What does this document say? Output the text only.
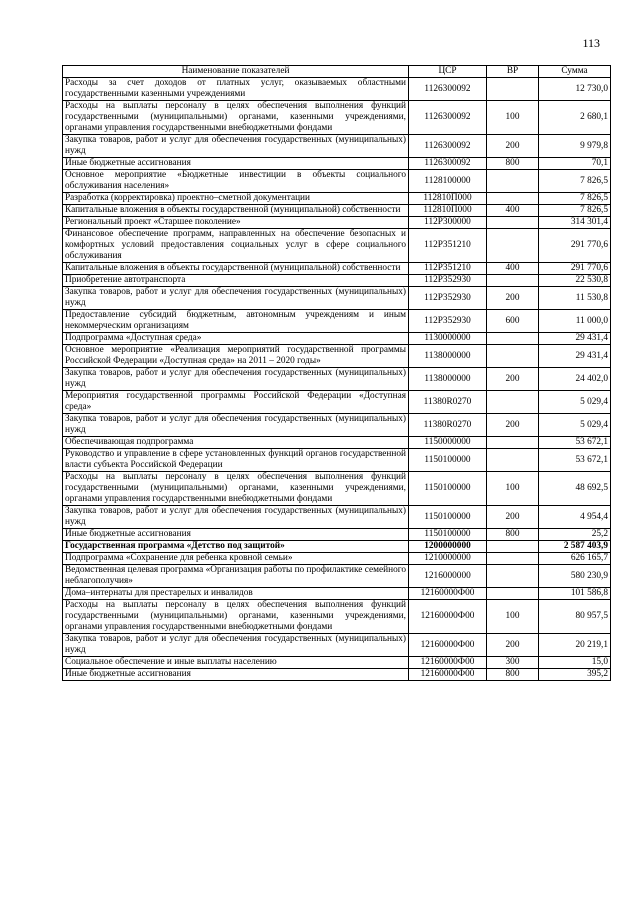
113
Наименование показателей	ЦСР	ВР	Сумма
Расходы за счет доходов от платных услуг, оказываемых областными государственными казенными учреждениями	1126300092		12 730,0
Расходы на выплаты персоналу в целях обеспечения выполнения функций государственными (муниципальными) органами, казенными учреждениями, органами управления государственными внебюджетными фондами	1126300092	100	2 680,1
Закупка товаров, работ и услуг для обеспечения государственных (муниципальных) нужд	1126300092	200	9 979,8
Иные бюджетные ассигнования	1126300092	800	70,1
Основное мероприятие «Бюджетные инвестиции в объекты социального обслуживания населения»	1128100000		7 826,5
Разработка (корректировка) проектно–сметной документации	112810П000		7 826,5
Капитальные вложения в объекты государственной (муниципальной) собственности	112810П000	400	7 826,5
Региональный проект «Старшее поколение»	112P300000		314 301,4
Финансовое обеспечение программ, направленных на обеспечение безопасных и комфортных условий предоставления социальных услуг в сфере социального обслуживания	112P351210		291 770,6
Капитальные вложения в объекты государственной (муниципальной) собственности	112P351210	400	291 770,6
Приобретение автотранспорта	112P352930		22 530,8
Закупка товаров, работ и услуг для обеспечения государственных (муниципальных) нужд	112P352930	200	11 530,8
Предоставление субсидий бюджетным, автономным учреждениям и иным некоммерческим организациям	112P352930	600	11 000,0
Подпрограмма «Доступная среда»	1130000000		29 431,4
Основное мероприятие «Реализация мероприятий государственной программы Российской Федерации «Доступная среда» на 2011 – 2020 годы»	1138000000		29 431,4
Закупка товаров, работ и услуг для обеспечения государственных (муниципальных) нужд	1138000000	200	24 402,0
Мероприятия государственной программы Российской Федерации «Доступная среда»	11380R0270		5 029,4
Закупка товаров, работ и услуг для обеспечения государственных (муниципальных) нужд	11380R0270	200	5 029,4
Обеспечивающая подпрограмма	1150000000		53 672,1
Руководство и управление в сфере установленных функций органов государственной власти субъекта Российской Федерации	1150100000		53 672,1
Расходы на выплаты персоналу в целях обеспечения выполнения функций государственными (муниципальными) органами, казенными учреждениями, органами управления государственными внебюджетными фондами	1150100000	100	48 692,5
Закупка товаров, работ и услуг для обеспечения государственных (муниципальных) нужд	1150100000	200	4 954,4
Иные бюджетные ассигнования	1150100000	800	25,2
Государственная программа «Детство под защитой»	1200000000		2 587 403,9
Подпрограмма «Сохранение для ребенка кровной семьи»	1210000000		626 165,7
Ведомственная целевая программа «Организация работы по профилактике семейного неблагополучия»	1216000000		580 230,9
Дома–интернаты для престарелых и инвалидов	12160000Ф00		101 586,8
Расходы на выплаты персоналу в целях обеспечения выполнения функций государственными (муниципальными) органами, казенными учреждениями, органами управления государственными внебюджетными фондами	12160000Ф00	100	80 957,5
Закупка товаров, работ и услуг для обеспечения государственных (муниципальных) нужд	12160000Ф00	200	20 219,1
Социальное обеспечение и иные выплаты населению	12160000Ф00	300	15,0
Иные бюджетные ассигнования	12160000Ф00	800	395,2
